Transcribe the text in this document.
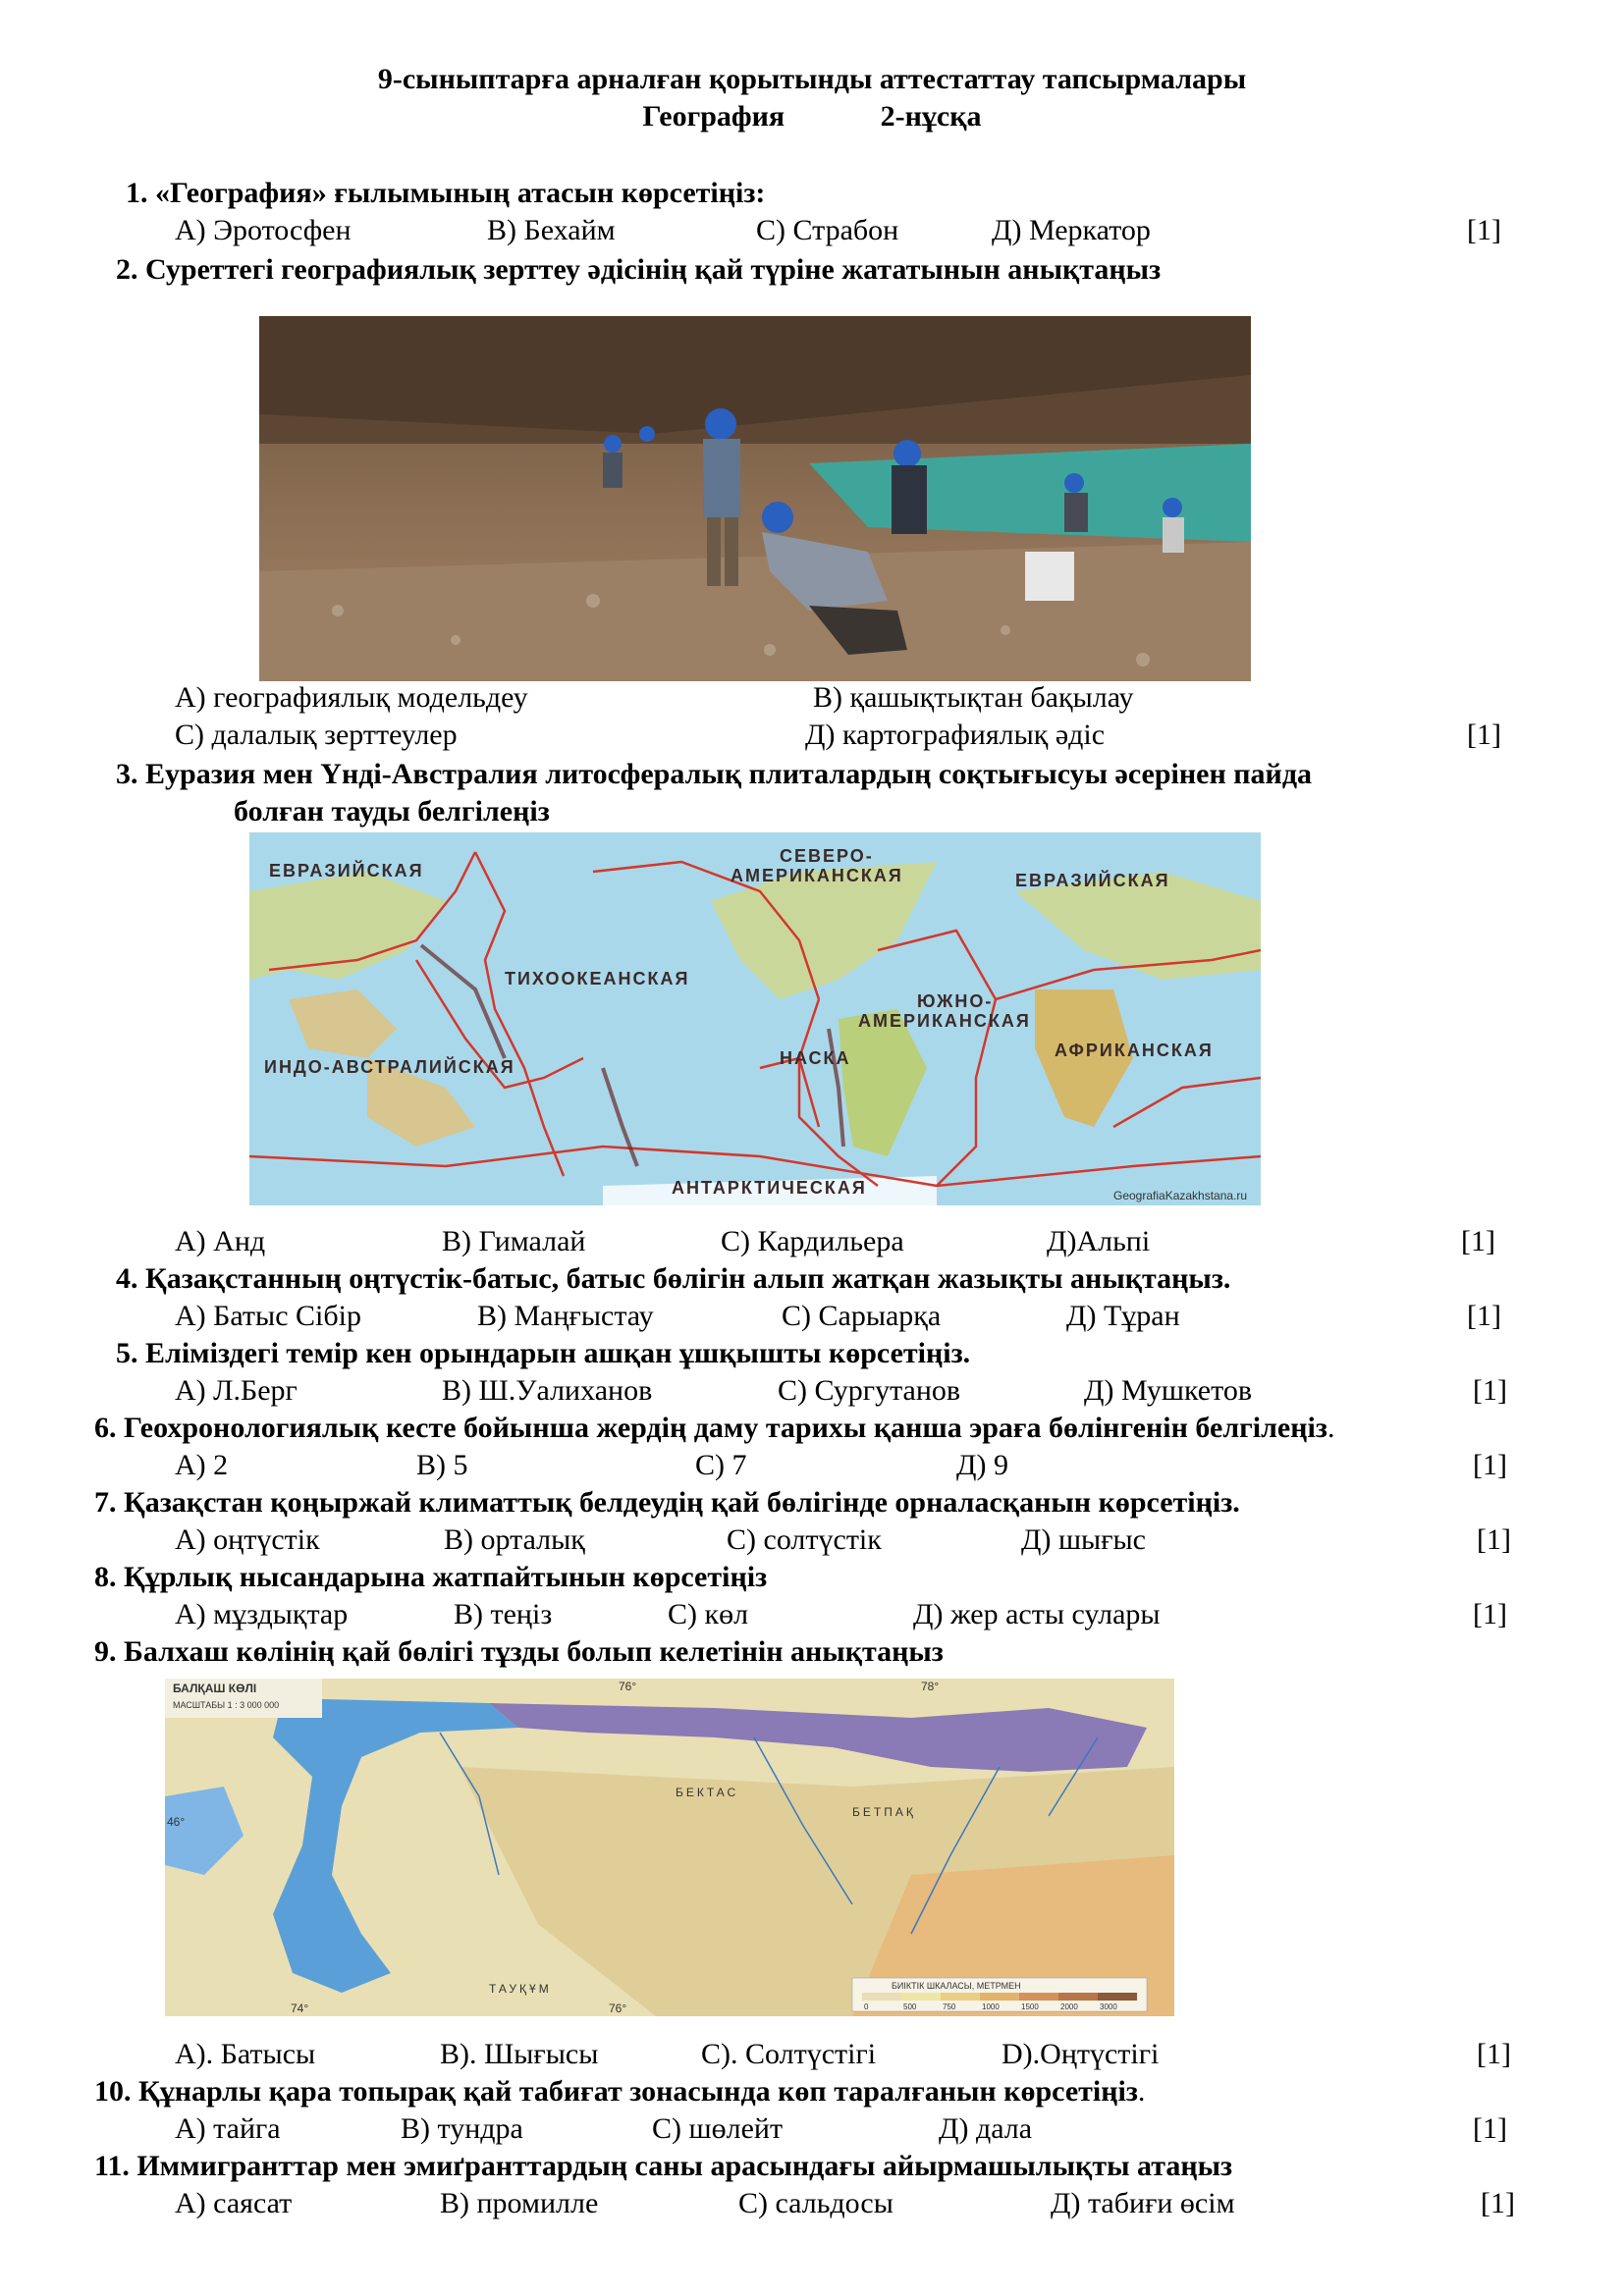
9-сыныптарға арналған қорытынды аттестаттау тапсырмалары
География	2-нұсқа
1. «География» ғылымының атасын көрсетіңіз:
А) Эротосфен	В) Бехайм	С) Страбон	Д) Меркатор	[1]
2. Суреттегі географиялық зерттеу әдісінің қай түріне жататынын анықтаңыз
А) географиялық модельдеу	В) қашықтықтан бақылау
С) далалық зерттеулер	Д) картографиялық әдіс	[1]
3. Еуразия мен Үнді-Австралия литосфералық плиталардың соқтығысуы әсерінен пайда
болған тауды белгілеңіз
ЕВРАЗИЙСКАЯ
СЕВЕРО-
АМЕРИКАНСКАЯ	ЕВРАЗИЙСКАЯ
ТИХООКЕАНСКАЯ
ЮЖНО-
АМЕРИКАНСКАЯ
НАСКА	АФРИКАНСКАЯ
ИНДО-АВСТРАЛИЙСКАЯ
АНТАРКТИЧЕСКАЯ	GeografiaKazakhstana.ru
А) Анд	В) Гималай	С) Кардильера	Д)Альпі	[1]
4. Қазақстанның оңтүстік-батыс, батыс бөлігін алып жатқан жазықты анықтаңыз.
А) Батыс Сібір	В) Маңғыстау	С) Сарыарқа	Д) Тұран	[1]
5. Еліміздегі темір кен орындарын ашқан ұшқышты көрсетіңіз.
А) Л.Берг	В) Ш.Уалиханов	С) Сургутанов	Д) Мушкетов	[1]
6. Геохронологиялық кесте бойынша жердің даму тарихы қанша эраға бөлінгенін белгілеңіз.
А) 2	В) 5	С) 7	Д) 9	[1]
7. Қазақстан қоңыржай климаттық белдеудің қай бөлігінде орналасқанын көрсетіңіз.
А) оңтүстік	В) орталық	С) солтүстік	Д) шығыс	[1]
8. Құрлық нысандарына жатпайтынын көрсетіңіз
А) мұздықтар	В) теңіз	С) көл	Д) жер асты сулары	[1]
9. Балхаш көлінің қай бөлігі тұзды болып келетінін анықтаңыз
БАЛҚАШ КӨЛІ
МАСШТАБЫ 1 : 3 000 000
76°	78°
74°	76°
46°
БЕТПАҚ
БЕКТАС
ТАУҚҰМ	БИІКТІК ШКАЛАСЫ, МЕТРМЕН
0	500	750	1000	1500	2000	3000
А). Батысы	В). Шығысы	С). Солтүстігі	D).Оңтүстігі	[1]
10. Құнарлы қара топырақ қай табиғат зонасында көп таралғанын көрсетіңіз.
А) тайга	В) тундра	С) шөлейт	Д) дала	[1]
11. Иммигранттар мен эмиґранттардың саны арасындағы айырмашылықты атаңыз
А) саясат	В) промилле	С) сальдосы	Д) табиғи өсім	[1]
